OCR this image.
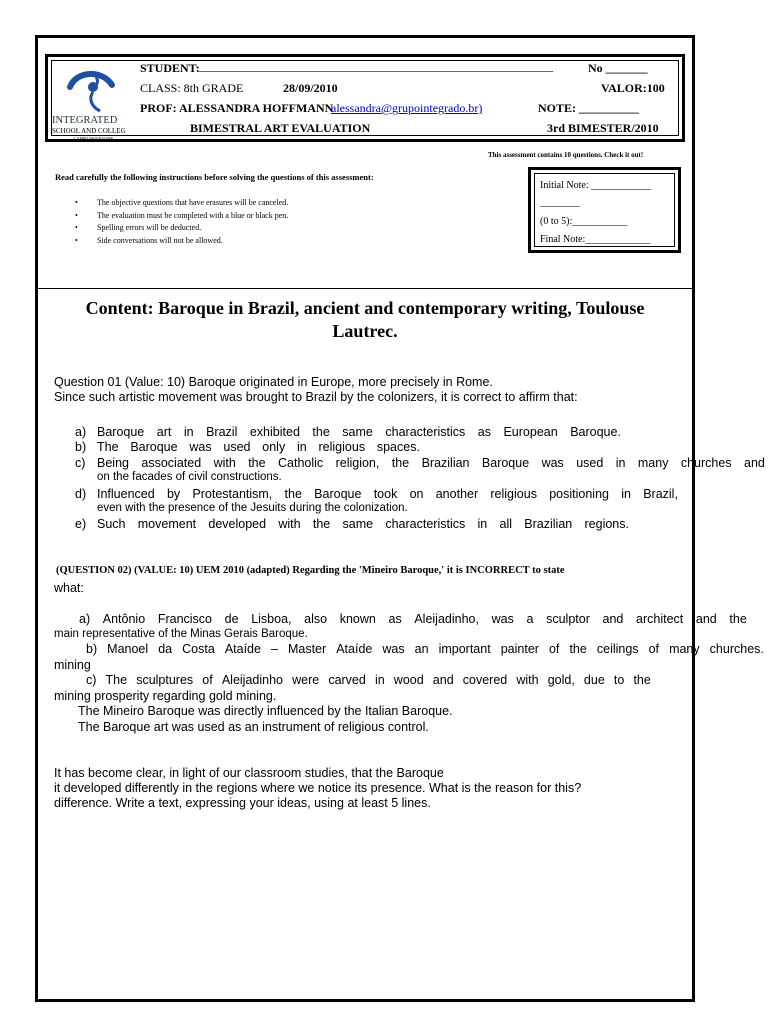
INTEGRATED
SCHOOL AND COLLEG
CAMPO MOURAO/PR
STUDENT: ___________________________________________________________	No _______
CLASS: 8th GRADE	28/09/2010	VALOR:100
PROF: ALESSANDRA HOFFMANN
alessandra@grupointegrado.br)	NOTE: __________
BIMESTRAL ART EVALUATION	3rd BIMESTER/2010
This assessment contains 10 questions. Check it out!
Read carefully the following instructions before solving the questions of this assessment:
• The objective questions that have erasures will be canceled.
• The evaluation must be completed with a blue or black pen.
• Spelling errors will be deducted.
• Side conversations will not be allowed.
Initial Note: ____________
________
(0 to 5):___________
Final Note:_____________
Content: Baroque in Brazil, ancient and contemporary writing, Toulouse
Lautrec.
Question 01 (Value: 10) Baroque originated in Europe, more precisely in Rome.
Since such artistic movement was brought to Brazil by the colonizers, it is correct to affirm that:
a) Baroque art in Brazil exhibited the same characteristics as European Baroque.
b) The Baroque was used only in religious spaces.
c) Being associated with the Catholic religion, the Brazilian Baroque was used in many churches and
on the facades of civil constructions.
d) Influenced by Protestantism, the Baroque took on another religious positioning in Brazil,
even with the presence of the Jesuits during the colonization.
e) Such movement developed with the same characteristics in all Brazilian regions.
(QUESTION 02) (VALUE: 10) UEM 2010 (adapted) Regarding the 'Mineiro Baroque,' it is INCORRECT to state
what:
a) Antônio Francisco de Lisboa, also known as Aleijadinho, was a sculptor and architect and the
main representative of the Minas Gerais Baroque.
b) Manoel da Costa Ataíde – Master Ataíde was an important painter of the ceilings of many churches.
mining
c) The sculptures of Aleijadinho were carved in wood and covered with gold, due to the
mining prosperity regarding gold mining.
The Mineiro Baroque was directly influenced by the Italian Baroque.
The Baroque art was used as an instrument of religious control.
It has become clear, in light of our classroom studies, that the Baroque
it developed differently in the regions where we notice its presence. What is the reason for this?
difference. Write a text, expressing your ideas, using at least 5 lines.
